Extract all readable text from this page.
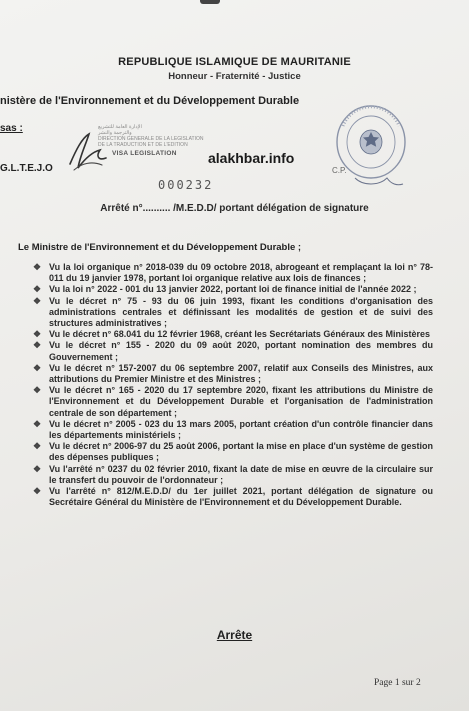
REPUBLIQUE ISLAMIQUE DE MAURITANIE
Honneur - Fraternité - Justice
nistère de l'Environnement et du Développement Durable
sas :	الإدارة العامة للتشريع
والترجمة والنشر
DIRECTION GENERALE DE LA LEGISLATION
DE LA TRADUCTION ET DE L'EDITION
VISA LEGISLATION
G.L.T.E.J.O
alakhbar.info
000232
C.P.
Arrêté n°.......... /M.E.D.D/ portant délégation de signature
Le Ministre de l'Environnement et du Développement Durable ;
❖ Vu la loi organique n° 2018-039 du 09 octobre 2018, abrogeant et remplaçant la loi n° 78-011 du 19 janvier 1978, portant loi organique relative aux lois de finances ;
❖ Vu la loi n° 2022 - 001 du 13 janvier 2022, portant loi de finance initial de l'année 2022 ;
❖ Vu le décret n° 75 - 93 du 06 juin 1993, fixant les conditions d'organisation des administrations centrales et définissant les modalités de gestion et de suivi des structures administratives ;
❖ Vu le décret n° 68.041 du 12 février 1968, créant les Secrétariats Généraux des Ministères
❖ Vu le décret n° 155 - 2020 du 09 août 2020, portant nomination des membres du Gouvernement ;
❖ Vu le décret n° 157-2007 du 06 septembre 2007, relatif aux Conseils des Ministres, aux attributions du Premier Ministre et des Ministres ;
❖ Vu le décret n° 165 - 2020 du 17 septembre 2020, fixant les attributions du Ministre de l'Environnement et du Développement Durable et l'organisation de l'administration centrale de son département ;
❖ Vu le décret n° 2005 - 023 du 13 mars 2005, portant création d'un contrôle financier dans les départements ministériels ;
❖ Vu le décret n° 2006-97 du 25 août 2006, portant la mise en place d'un système de gestion des dépenses publiques ;
❖ Vu l'arrêté n° 0237 du 02 février 2010, fixant la date de mise en œuvre de la circulaire sur le transfert du pouvoir de l'ordonnateur ;
❖ Vu l'arrêté n° 812/M.E.D.D/ du 1er juillet 2021, portant délégation de signature ou Secrétaire Général du Ministère de l'Environnement et du Développement Durable.
Arrête
Page 1 sur 2
